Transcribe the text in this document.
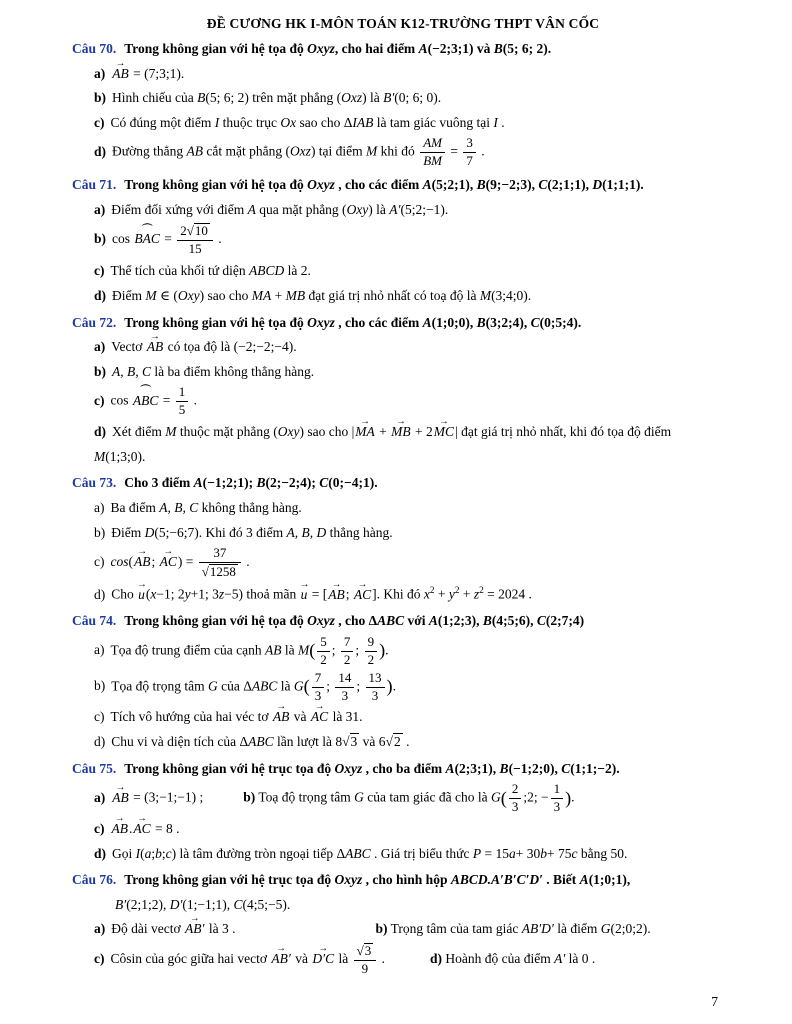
ĐỀ CƯƠNG HK I-MÔN TOÁN K12-TRƯỜNG THPT VÂN CỐC
Câu 70. Trong không gian với hệ tọa độ Oxyz, cho hai điểm A(−2;3;1) và B(5; 6; 2).
a) AB → = (7;3;1).
b) Hình chiếu của B(5; 6; 2) trên mặt phẳng (Oxz) là B′(0; 6; 0).
c) Có đúng một điểm I thuộc trục Ox sao cho ΔIAB là tam giác vuông tại I .
d) Đường thẳng AB cắt mặt phẳng (Oxz) tại điểm M khi đó $\frac{AM}{BM} = \frac{3}{7}$ .
Câu 71. Trong không gian với hệ tọa độ Oxyz , cho các điểm A(5;2;1), B(9;−2;3), C(2;1;1), D(1;1;1).
a) Điểm đối xứng với điểm A qua mặt phẳng (Oxy) là A′(5;2;−1).
b) cos BAC ⏜ = $\frac{2√10}{15}$ .
c) Thể tích của khối tứ diện ABCD là 2.
d) Điểm M ∈ (Oxy) sao cho MA + MB đạt giá trị nhỏ nhất có toạ độ là M(3;4;0).
Câu 72. Trong không gian với hệ tọa độ Oxyz , cho các điểm A(1;0;0), B(3;2;4), C(0;5;4).
a) Vectơ AB → có tọa độ là (−2;−2;−4).
b) A, B, C là ba điểm không thẳng hàng.
c) cos ABC ⏜ = $\frac{1}{5}$ .
d) Xét điểm M thuộc mặt phẳng (Oxy) sao cho |MA → + MB → + 2MC →| đạt giá trị nhỏ nhất, khi đó tọa độ điểm
M(1;3;0).
Câu 73. Cho 3 điểm A(−1;2;1); B(2;−2;4); C(0;−4;1).
a) Ba điểm A, B, C không thẳng hàng.
b) Điểm D(5;−6;7). Khi đó 3 điểm A, B, D thẳng hàng.
c) cos(AB →; AC →) = $\frac{37}{√1258}$ .
d) Cho u →(x−1; 2y+1; 3z−5) thoả mãn u → = [AB →; AC →]. Khi đó $x^2 + y^2 + z^2 = 2024$ .
Câu 74. Trong không gian với hệ tọa độ Oxyz , cho ΔABC với A(1;2;3), B(4;5;6), C(2;7;4)
a) Tọa độ trung điểm của cạnh AB là $M( \frac{5}{2}$ ; $\frac{7}{2}$ ; $\frac{9}{2}$ ).
b) Tọa độ trọng tâm G của ΔABC là $G( \frac{7}{3}$ ; $\frac{14}{3}$ ; $\frac{13}{3}$ ).
c) Tích vô hướng của hai véc tơ AB → và AC → là 31.
d) Chu vi và diện tích của ΔABC lần lượt là 8√3 và 6√2 .
Câu 75. Trong không gian với hệ trục tọa độ Oxyz , cho ba điểm A(2;3;1), B(−1;2;0), C(1;1;−2).
a) AB → = (3;−1;−1) ;	b) Toạ độ trọng tâm G của tam giác đã cho là $G( \frac{2}{3}$ ;2; − $\frac{1}{3}$ ).
c) AB →.AC → = 8 .
d) Gọi I(a;b;c) là tâm đường tròn ngoại tiếp ΔABC . Giá trị biểu thức P = 15a+ 30b+ 75c bằng 50.
Câu 76. Trong không gian với hệ trục tọa độ Oxyz , cho hình hộp ABCD.A′B′C′D′ . Biết A(1;0;1),
B′(2;1;2), D′(1;−1;1), C(4;5;−5).
a) Độ dài vectơ AB′ → là 3 .	b) Trọng tâm của tam giác AB′D′ là điểm G(2;0;2).
c) Côsin của góc giữa hai vectơ AB′ → và D′C → là $\frac{√3}{9}$ .	d) Hoành độ của điểm A′ là 0 .
7
